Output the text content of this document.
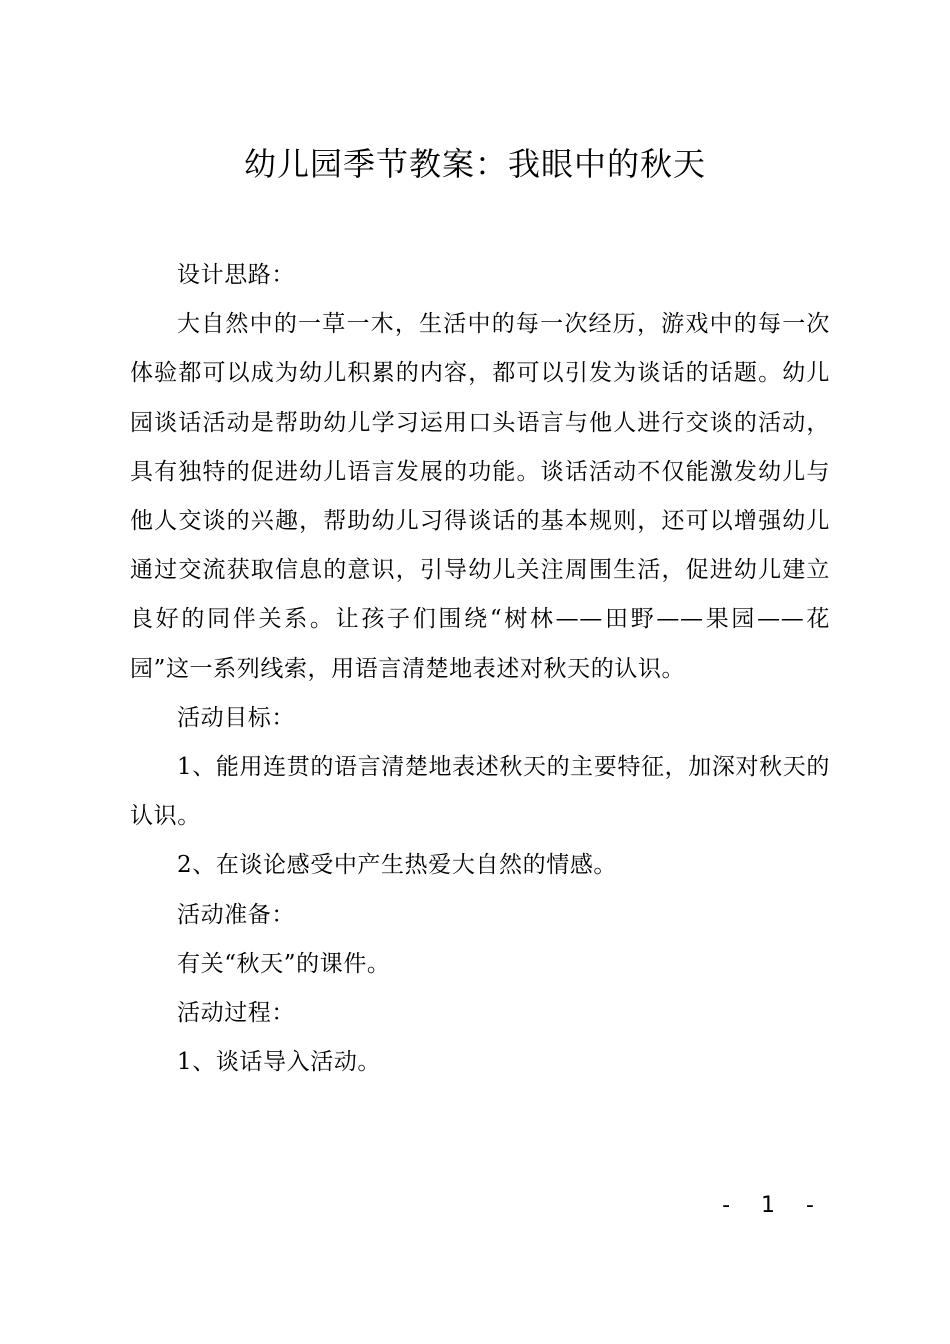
幼儿园季节教案：我眼中的秋天

设计思路：

大自然中的一草一木，生活中的每一次经历，游戏中的每一次体验都可以成为幼儿积累的内容，都可以引发为谈话的话题。幼儿园谈话活动是帮助幼儿学习运用口头语言与他人进行交谈的活动，具有独特的促进幼儿语言发展的功能。谈话活动不仅能激发幼儿与他人交谈的兴趣，帮助幼儿习得谈话的基本规则，还可以增强幼儿通过交流获取信息的意识，引导幼儿关注周围生活，促进幼儿建立良好的同伴关系。让孩子们围绕“树林——田野——果园——花园”这一系列线索，用语言清楚地表述对秋天的认识。

活动目标：

1、能用连贯的语言清楚地表述秋天的主要特征，加深对秋天的认识。

2、在谈论感受中产生热爱大自然的情感。

活动准备：

有关“秋天”的课件。

活动过程：

1、谈话导入活动。

- 1 -
